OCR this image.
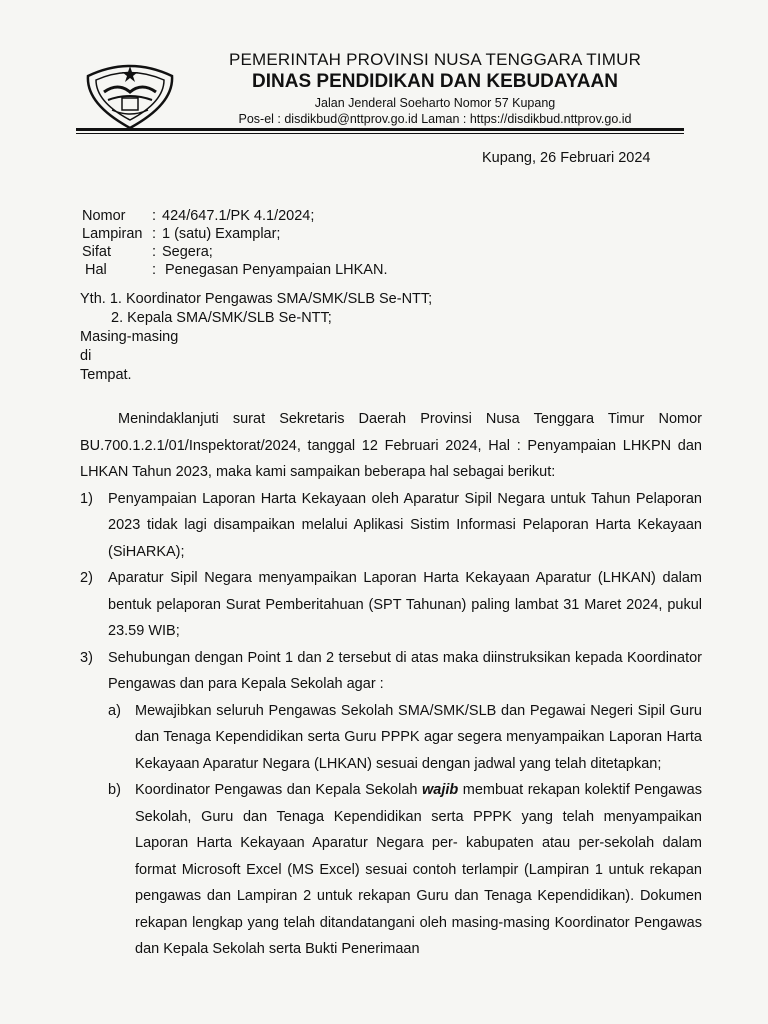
PEMERINTAH PROVINSI NUSA TENGGARA TIMUR
DINAS PENDIDIKAN DAN KEBUDAYAAN
Jalan Jenderal Soeharto Nomor 57 Kupang
Pos-el : disdikbud@nttprov.go.id Laman : https://disdikbud.nttprov.go.id
Kupang, 26 Februari 2024
Nomor	: 424/647.1/PK 4.1/2024;
Lampiran : 1 (satu) Examplar;
Sifat	: Segera;
Hal	: Penegasan Penyampaian LHKAN.
Yth. 1. Koordinator Pengawas SMA/SMK/SLB Se-NTT;
2. Kepala SMA/SMK/SLB Se-NTT;
Masing-masing
di
Tempat.
Menindaklanjuti surat Sekretaris Daerah Provinsi Nusa Tenggara Timur Nomor BU.700.1.2.1/01/Inspektorat/2024, tanggal 12 Februari 2024, Hal : Penyampaian LHKPN dan LHKAN Tahun 2023, maka kami sampaikan beberapa hal sebagai berikut:
1) Penyampaian Laporan Harta Kekayaan oleh Aparatur Sipil Negara untuk Tahun Pelaporan 2023 tidak lagi disampaikan melalui Aplikasi Sistim Informasi Pelaporan Harta Kekayaan (SiHARKA);
2) Aparatur Sipil Negara menyampaikan Laporan Harta Kekayaan Aparatur (LHKAN) dalam bentuk pelaporan Surat Pemberitahuan (SPT Tahunan) paling lambat 31 Maret 2024, pukul 23.59 WIB;
3) Sehubungan dengan Point 1 dan 2 tersebut di atas maka diinstruksikan kepada Koordinator Pengawas dan para Kepala Sekolah agar :
a) Mewajibkan seluruh Pengawas Sekolah SMA/SMK/SLB dan Pegawai Negeri Sipil Guru dan Tenaga Kependidikan serta Guru PPPK agar segera menyampaikan Laporan Harta Kekayaan Aparatur Negara (LHKAN) sesuai dengan jadwal yang telah ditetapkan;
b) Koordinator Pengawas dan Kepala Sekolah wajib membuat rekapan kolektif Pengawas Sekolah, Guru dan Tenaga Kependidikan serta PPPK yang telah menyampaikan Laporan Harta Kekayaan Aparatur Negara per- kabupaten atau per-sekolah dalam format Microsoft Excel (MS Excel) sesuai contoh terlampir (Lampiran 1 untuk rekapan pengawas dan Lampiran 2 untuk rekapan Guru dan Tenaga Kependidikan). Dokumen rekapan lengkap yang telah ditandatangani oleh masing-masing Koordinator Pengawas dan Kepala Sekolah serta Bukti Penerimaan
